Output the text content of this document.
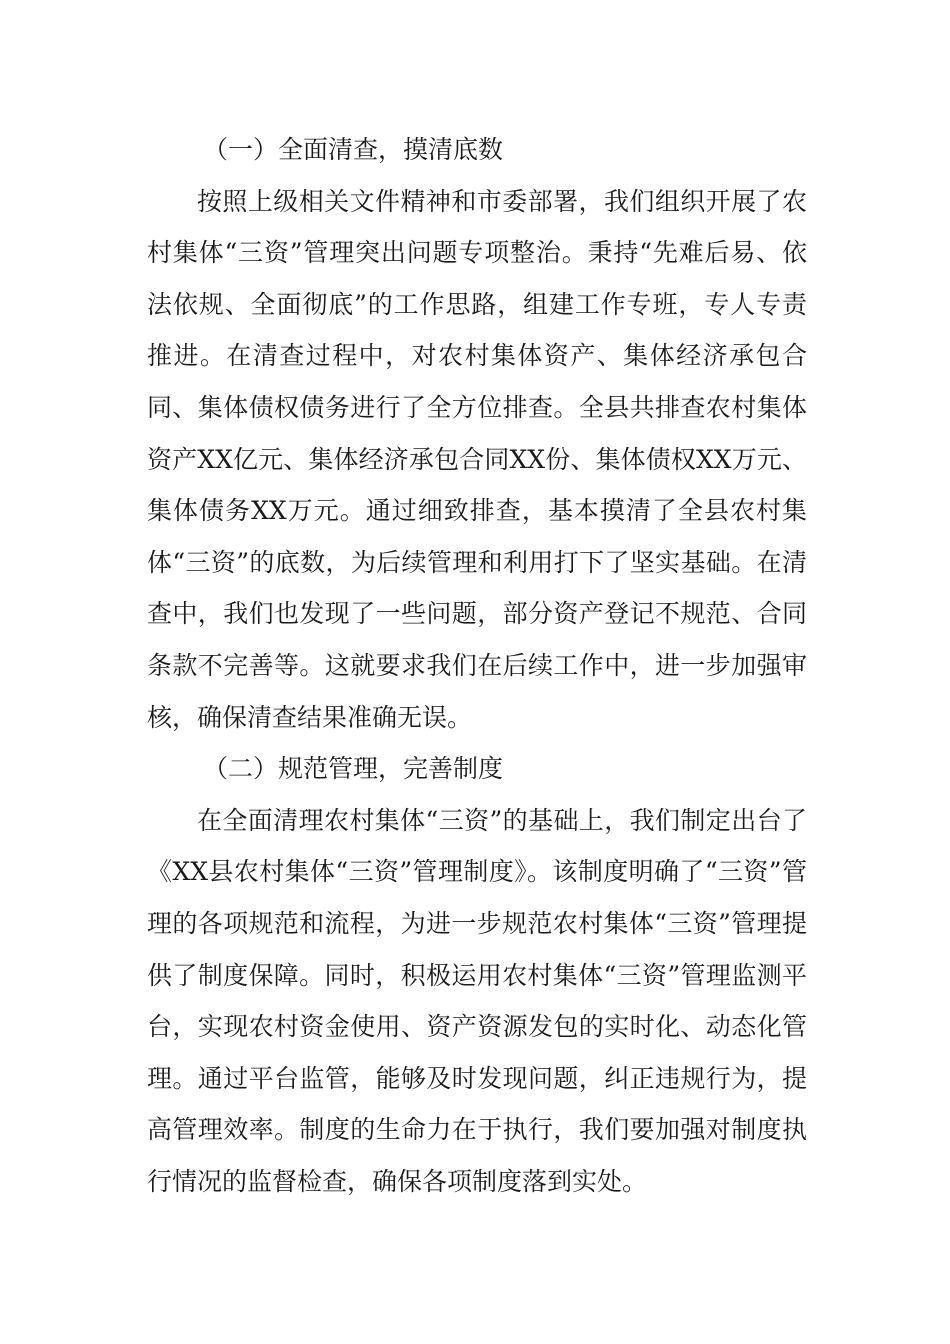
（一）全面清查，摸清底数

按照上级相关文件精神和市委部署，我们组织开展了农村集体“三资”管理突出问题专项整治。秉持“先难后易、依法依规、全面彻底”的工作思路，组建工作专班，专人专责推进。在清查过程中，对农村集体资产、集体经济承包合同、集体债权债务进行了全方位排查。全县共排查农村集体资产XX亿元、集体经济承包合同XX份、集体债权XX万元、集体债务XX万元。通过细致排查，基本摸清了全县农村集体“三资”的底数，为后续管理和利用打下了坚实基础。在清查中，我们也发现了一些问题，部分资产登记不规范、合同条款不完善等。这就要求我们在后续工作中，进一步加强审核，确保清查结果准确无误。

（二）规范管理，完善制度

在全面清理农村集体“三资”的基础上，我们制定出台了《XX县农村集体“三资”管理制度》。该制度明确了“三资”管理的各项规范和流程，为进一步规范农村集体“三资”管理提供了制度保障。同时，积极运用农村集体“三资”管理监测平台，实现农村资金使用、资产资源发包的实时化、动态化管理。通过平台监管，能够及时发现问题，纠正违规行为，提高管理效率。制度的生命力在于执行，我们要加强对制度执行情况的监督检查，确保各项制度落到实处。
